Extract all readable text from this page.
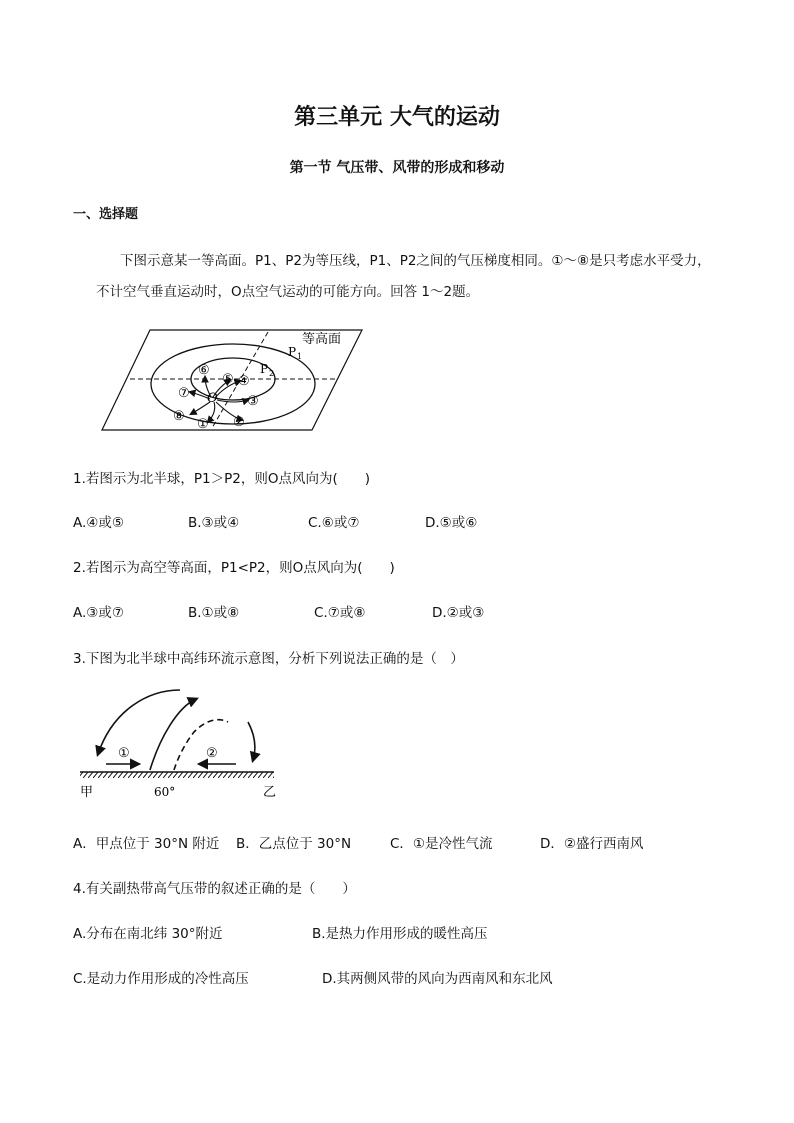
第三单元 大气的运动
第一节 气压带、风带的形成和移动
一、选择题
下图示意某一等高面。P1、P2为等压线，P1、P2之间的气压梯度相同。①～⑧是只考虑水平受力，
不计空气垂直运动时，O点空气运动的可能方向。回答 1～2题。
等高面
P 1
P 2
O
① ②
③
④
⑤
⑥
⑦
⑧
1.若图示为北半球，P1＞P2，则O点风向为(　　)
A.④或⑤	B.③或④	C.⑥或⑦	D.⑤或⑥
2.若图示为高空等高面，P1<P2，则O点风向为(　　)
A.③或⑦	B.①或⑧	C.⑦或⑧	D.②或③
3.下图为北半球中高纬环流示意图，分析下列说法正确的是（　）
①	②
甲	60°	乙
A．甲点位于 30°N 附近 B．乙点位于 30°N	C．①是冷性气流	D．②盛行西南风
4.有关副热带高气压带的叙述正确的是（　　）
A.分布在南北纬 30°附近	B.是热力作用形成的暖性高压
C.是动力作用形成的冷性高压	D.其两侧风带的风向为西南风和东北风
